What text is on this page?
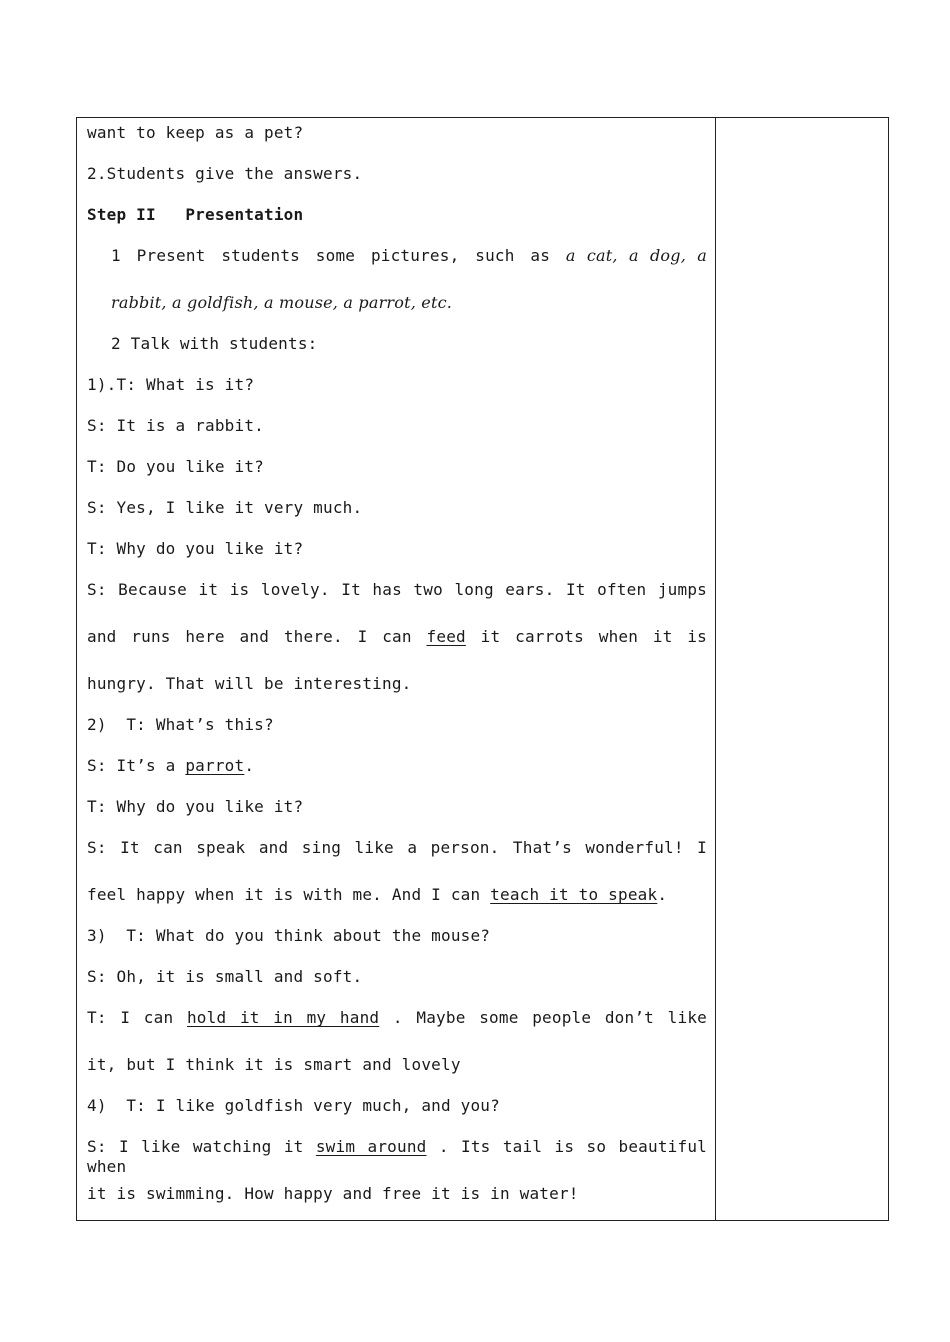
want to keep as a pet?
2.Students give the answers.
Step II   Presentation
1 Present students some pictures, such as a cat, a dog, a
rabbit, a goldfish, a mouse, a parrot, etc.
2 Talk with students:
1).T: What is it?
S: It is a rabbit.
T: Do you like it?
S: Yes, I like it very much.
T: Why do you like it?
S: Because it is lovely. It has two long ears. It often jumps
and runs here and there. I can feed it carrots when it is
hungry. That will be interesting.
2)  T: What’s this?
S: It’s a parrot.
T: Why do you like it?
S: It can speak and sing like a person. That’s wonderful! I
feel happy when it is with me. And I can teach it to speak.
3)  T: What do you think about the mouse?
S: Oh, it is small and soft.
T: I can hold it in my hand . Maybe some people don’t like
it, but I think it is smart and lovely
4)  T: I like goldfish very much, and you?
S: I like watching it swim around . Its tail is so beautiful when
it is swimming. How happy and free it is in water!
